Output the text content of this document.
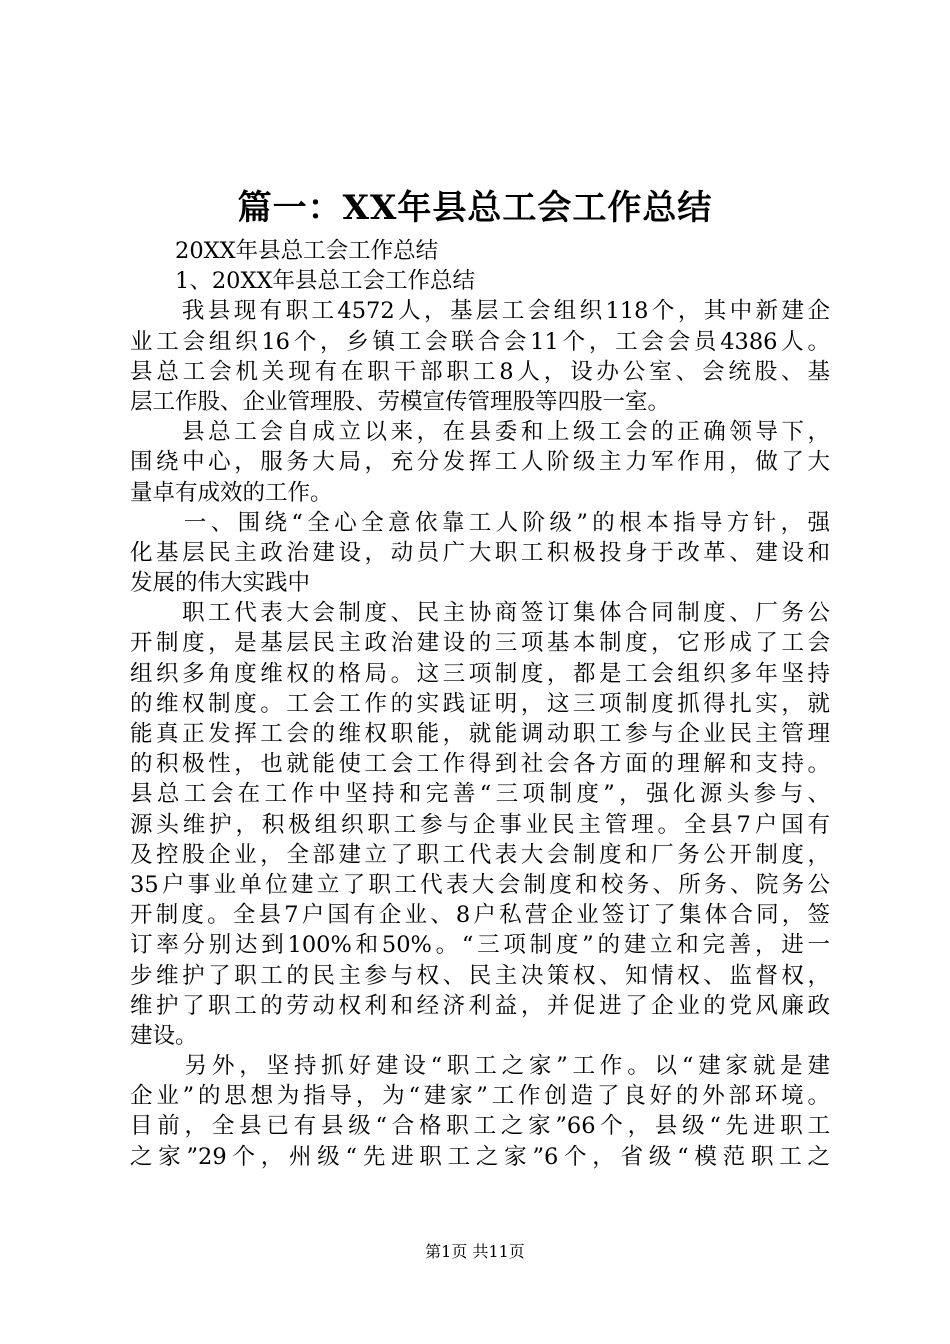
篇一：XX年县总工会工作总结
　　20XX年县总工会工作总结
　　1、20XX年县总工会工作总结
　　我县现有职工4572人，基层工会组织118个，其中新建企
业工会组织16个，乡镇工会联合会11个，工会会员4386人。
县总工会机关现有在职干部职工8人，设办公室、会统股、基
层工作股、企业管理股、劳模宣传管理股等四股一室。
　　县总工会自成立以来，在县委和上级工会的正确领导下，
围绕中心，服务大局，充分发挥工人阶级主力军作用，做了大
量卓有成效的工作。
　　一、围绕“全心全意依靠工人阶级”的根本指导方针，强
化基层民主政治建设，动员广大职工积极投身于改革、建设和
发展的伟大实践中
　　职工代表大会制度、民主协商签订集体合同制度、厂务公
开制度，是基层民主政治建设的三项基本制度，它形成了工会
组织多角度维权的格局。这三项制度，都是工会组织多年坚持
的维权制度。工会工作的实践证明，这三项制度抓得扎实，就
能真正发挥工会的维权职能，就能调动职工参与企业民主管理
的积极性，也就能使工会工作得到社会各方面的理解和支持。
县总工会在工作中坚持和完善“三项制度”，强化源头参与、
源头维护，积极组织职工参与企事业民主管理。全县7户国有
及控股企业，全部建立了职工代表大会制度和厂务公开制度，
35户事业单位建立了职工代表大会制度和校务、所务、院务公
开制度。全县7户国有企业、8户私营企业签订了集体合同，签
订率分别达到100%和50%。“三项制度”的建立和完善，进一
步维护了职工的民主参与权、民主决策权、知情权、监督权，
维护了职工的劳动权利和经济利益，并促进了企业的党风廉政
建设。
　　另外，坚持抓好建设“职工之家”工作。以“建家就是建
企业”的思想为指导，为“建家”工作创造了良好的外部环境。
目前，全县已有县级“合格职工之家”66个，县级“先进职工
之家”29个，州级“先进职工之家”6个，省级“模范职工之
第1页 共11页
